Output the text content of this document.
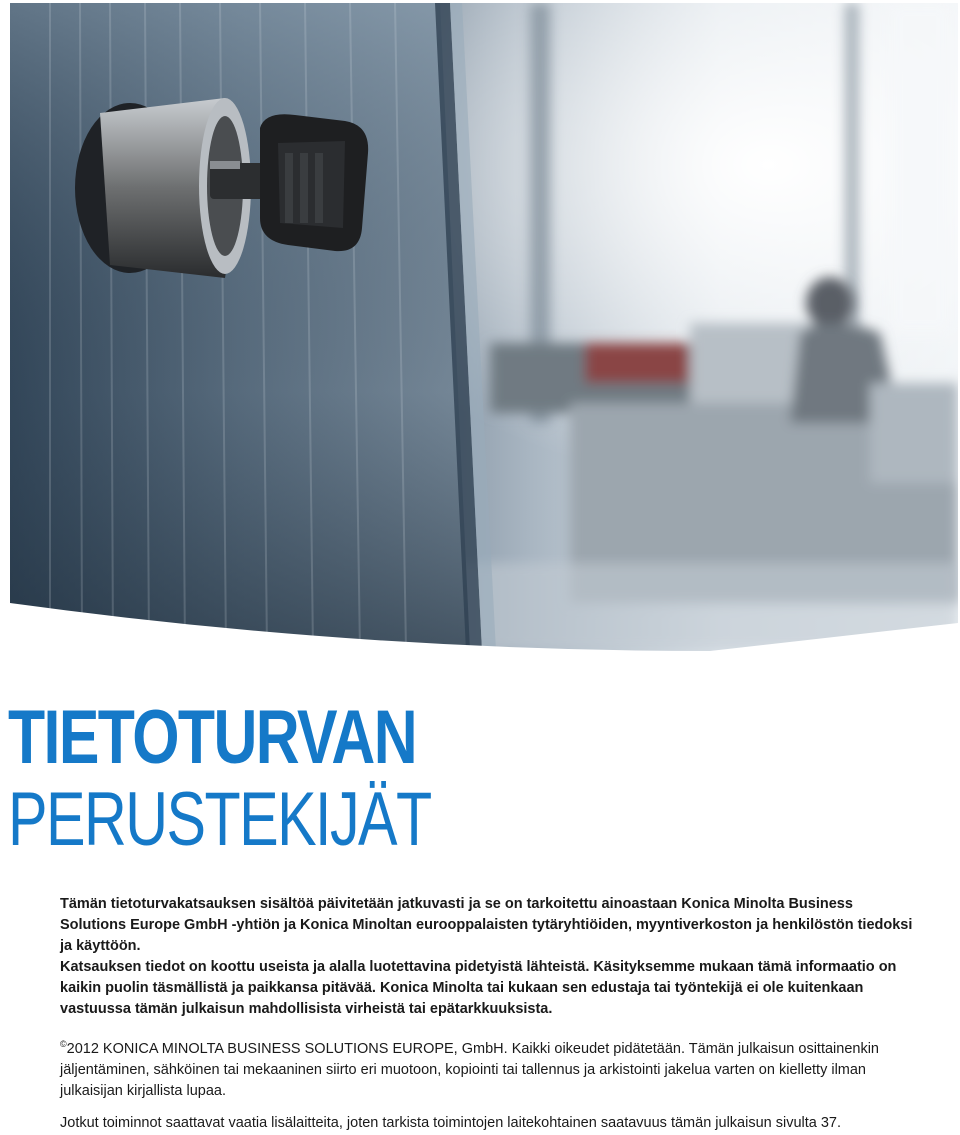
TIETOTURVAN
PERUSTEKIJÄT

Tämän tietoturvakatsauksen sisältöä päivitetään jatkuvasti ja se on tarkoitettu ainoastaan Konica Minolta Business Solutions Europe GmbH -yhtiön ja Konica Minoltan eurooppalaisten tytäryhtiöiden, myyntiverkoston ja henkilöstön tiedoksi ja käyttöön.

Katsauksen tiedot on koottu useista ja alalla luotettavina pidetyistä lähteistä. Käsityksemme mukaan tämä informaatio on kaikin puolin täsmällistä ja paikkansa pitävää. Konica Minolta tai kukaan sen edustaja tai työntekijä ei ole kuitenkaan vastuussa tämän julkaisun mahdollisista virheistä tai epätarkkuuksista.

©2012 KONICA MINOLTA BUSINESS SOLUTIONS EUROPE, GmbH. Kaikki oikeudet pidätetään. Tämän julkaisun osittainenkin jäljentäminen, sähköinen tai mekaaninen siirto eri muotoon, kopiointi tai tallennus ja arkistointi jakelua varten on kielletty ilman julkaisijan kirjallista lupaa.

Jotkut toiminnot saattavat vaatia lisälaitteita, joten tarkista toimintojen laitekohtainen saatavuus tämän julkaisun sivulta 37.
